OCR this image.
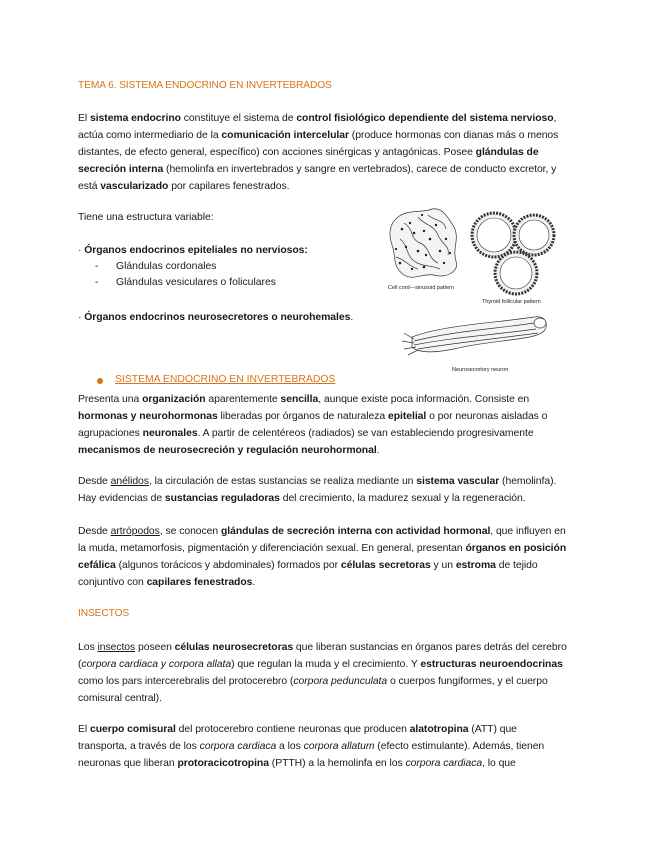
TEMA 6. SISTEMA ENDOCRINO EN INVERTEBRADOS
El sistema endocrino constituye el sistema de control fisiológico dependiente del sistema nervioso,
actúa como intermediario de la comunicación intercelular (produce hormonas con dianas más o menos
distantes, de efecto general, específico) con acciones sinérgicas y antagónicas. Posee glándulas de
secreción interna (hemolinfa en invertebrados y sangre en vertebrados), carece de conducto excretor, y
está vascularizado por capilares fenestrados.
Tiene una estructura variable:
· Órganos endocrinos epiteliales no nerviosos:
- Glándulas cordonales
- Glándulas vesiculares o foliculares
· Órganos endocrinos neurosecretores o neurohemales.
Cell cord—sinusoid pattern
Thyroid follicular pattern
Neurosecretory neuron
SISTEMA ENDOCRINO EN INVERTEBRADOS
Presenta una organización aparentemente sencilla, aunque existe poca información. Consiste en
hormonas y neurohormonas liberadas por órganos de naturaleza epitelial o por neuronas aisladas o
agrupaciones neuronales. A partir de celentéreos (radiados) se van estableciendo progresivamente
mecanismos de neurosecreción y regulación neurohormonal.
Desde anélidos, la circulación de estas sustancias se realiza mediante un sistema vascular (hemolinfa).
Hay evidencias de sustancias reguladoras del crecimiento, la madurez sexual y la regeneración.
Desde artrópodos, se conocen glándulas de secreción interna con actividad hormonal, que influyen en
la muda, metamorfosis, pigmentación y diferenciación sexual. En general, presentan órganos en posición
cefálica (algunos torácicos y abdominales) formados por células secretoras y un estroma de tejido
conjuntivo con capilares fenestrados.
INSECTOS
Los insectos poseen células neurosecretoras que liberan sustancias en órganos pares detrás del cerebro
(corpora cardiaca y corpora allata) que regulan la muda y el crecimiento. Y estructuras neuroendocrinas
como los pars intercerebralis del protocerebro (corpora pedunculata o cuerpos fungiformes, y el cuerpo
comisural central).
El cuerpo comisural del protocerebro contiene neuronas que producen alatotropina (ATT) que
transporta, a través de los corpora cardiaca a los corpora allatum (efecto estimulante). Además, tienen
neuronas que liberan protoracicotropina (PTTH) a la hemolinfa en los corpora cardiaca, lo que
